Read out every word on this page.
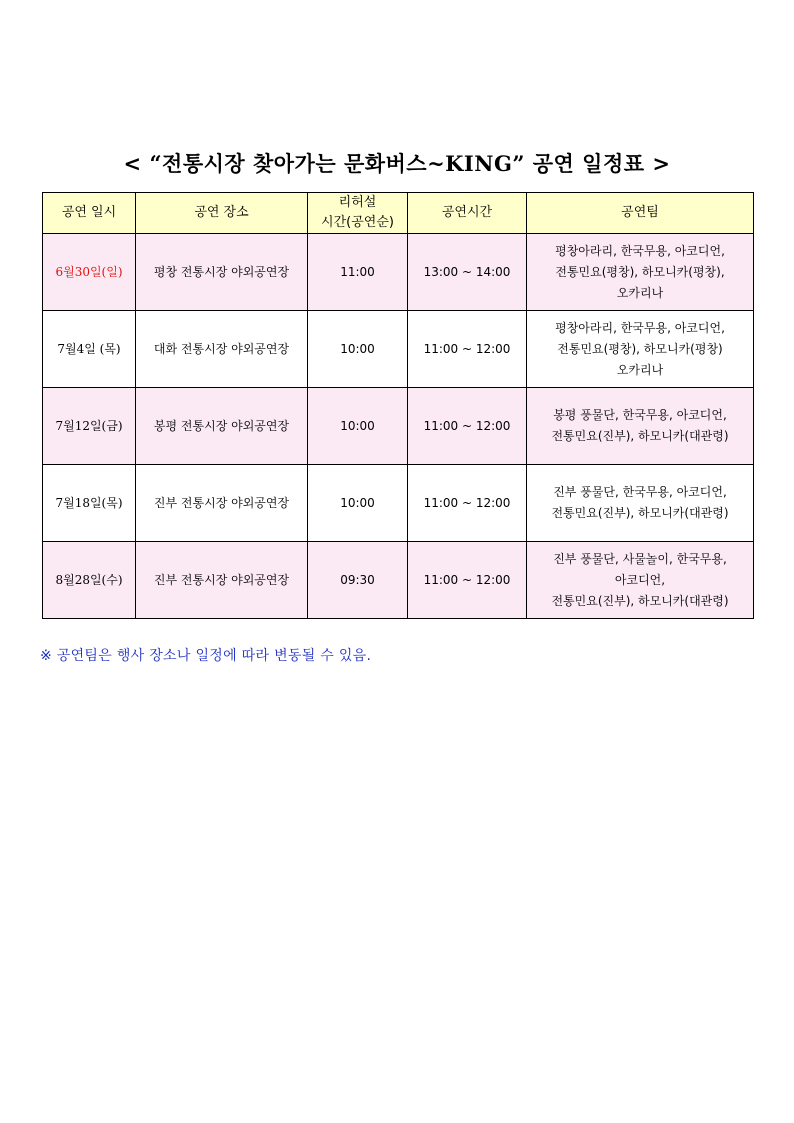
< “전통시장 찾아가는 문화버스~KING” 공연 일정표 >
공연 일시	공연 장소	리허설
시간(공연순)	공연시간	공연팀
6월30일(일)	평창 전통시장 야외공연장	11:00	13:00 ~ 14:00	평창아라리, 한국무용, 아코디언,
전통민요(평창), 하모니카(평창),
오카리나

7월4일 (목)	대화 전통시장 야외공연장	10:00	11:00 ~ 12:00	평창아라리, 한국무용, 아코디언,
전통민요(평창), 하모니카(평창)
오카리나

7월12일(금)	봉평 전통시장 야외공연장	10:00	11:00 ~ 12:00	봉평 풍물단, 한국무용, 아코디언,
전통민요(진부), 하모니카(대관령)

7월18일(목)	진부 전통시장 야외공연장	10:00	11:00 ~ 12:00	진부 풍물단, 한국무용, 아코디언,
전통민요(진부), 하모니카(대관령)

8월28일(수)	진부 전통시장 야외공연장	09:30	11:00 ~ 12:00	진부 풍물단, 사물놀이, 한국무용,
아코디언,
전통민요(진부), 하모니카(대관령)
※ 공연팀은 행사 장소나 일정에 따라 변동될 수 있음.
